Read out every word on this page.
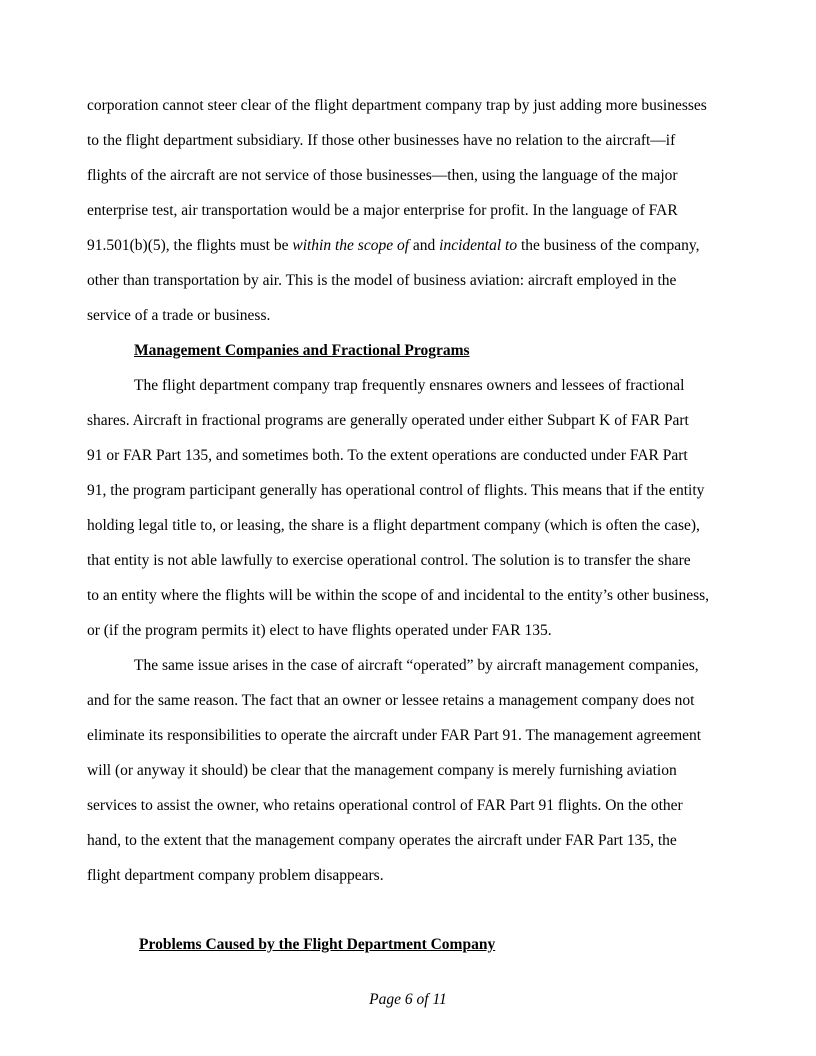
corporation cannot steer clear of the flight department company trap by just adding more businesses
to the flight department subsidiary. If those other businesses have no relation to the aircraft—if
flights of the aircraft are not service of those businesses—then, using the language of the major
enterprise test, air transportation would be a major enterprise for profit. In the language of FAR
91.501(b)(5), the flights must be within the scope of and incidental to the business of the company,
other than transportation by air. This is the model of business aviation: aircraft employed in the
service of a trade or business.
Management Companies and Fractional Programs
The flight department company trap frequently ensnares owners and lessees of fractional
shares. Aircraft in fractional programs are generally operated under either Subpart K of FAR Part
91 or FAR Part 135, and sometimes both. To the extent operations are conducted under FAR Part
91, the program participant generally has operational control of flights. This means that if the entity
holding legal title to, or leasing, the share is a flight department company (which is often the case),
that entity is not able lawfully to exercise operational control. The solution is to transfer the share
to an entity where the flights will be within the scope of and incidental to the entity’s other business,
or (if the program permits it) elect to have flights operated under FAR 135.
The same issue arises in the case of aircraft “operated” by aircraft management companies,
and for the same reason. The fact that an owner or lessee retains a management company does not
eliminate its responsibilities to operate the aircraft under FAR Part 91. The management agreement
will (or anyway it should) be clear that the management company is merely furnishing aviation
services to assist the owner, who retains operational control of FAR Part 91 flights. On the other
hand, to the extent that the management company operates the aircraft under FAR Part 135, the
flight department company problem disappears.
Problems Caused by the Flight Department Company
Page 6 of 11
